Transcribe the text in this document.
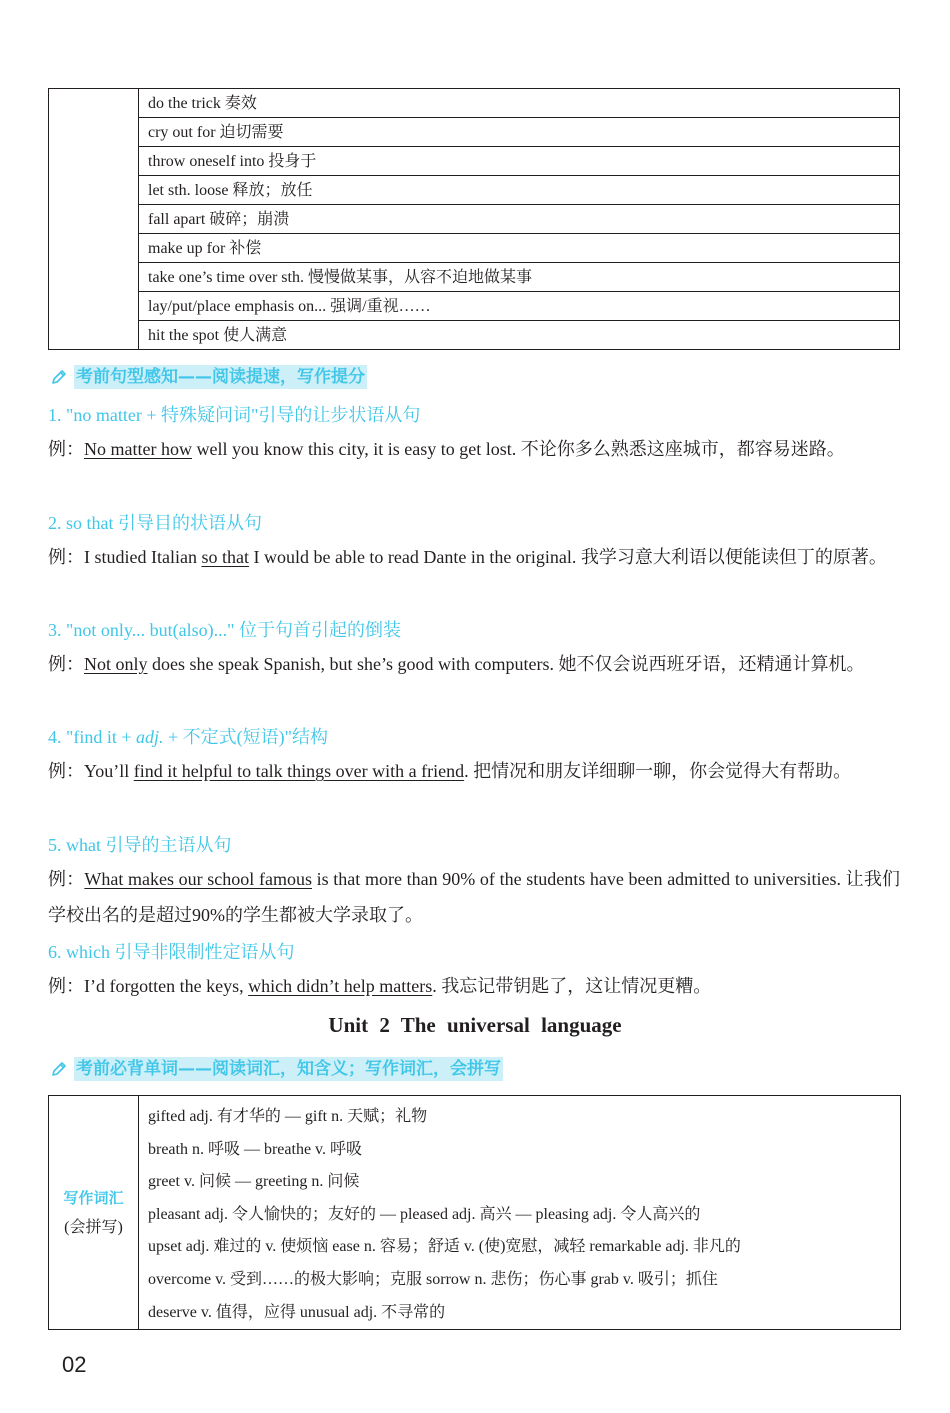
do the trick 奏效
cry out for 迫切需要
throw oneself into 投身于
let sth. loose 释放；放任
fall apart 破碎；崩溃
make up for 补偿
take one’s time over sth. 慢慢做某事，从容不迫地做某事
lay/put/place emphasis on... 强调/重视……
hit the spot 使人满意
考前句型感知——阅读提速，写作提分
1. "no matter + 特殊疑问词"引导的让步状语从句
例：No matter how well you know this city, it is easy to get lost. 不论你多么熟悉这座城市，都容易迷路。
2. so that 引导目的状语从句
例：I studied Italian so that I would be able to read Dante in the original. 我学习意大利语以便能读但丁的原著。
3. "not only... but(also)..." 位于句首引起的倒装
例：Not only does she speak Spanish, but she’s good with computers. 她不仅会说西班牙语，还精通计算机。
4. "find it + adj. + 不定式(短语)"结构
例：You’ll find it helpful to talk things over with a friend. 把情况和朋友详细聊一聊，你会觉得大有帮助。
5. what 引导的主语从句
例：What makes our school famous is that more than 90% of the students have been admitted to universities. 让我们学校出名的是超过90%的学生都被大学录取了。
6. which 引导非限制性定语从句
例：I’d forgotten the keys, which didn’t help matters. 我忘记带钥匙了，这让情况更糟。
Unit 2 The universal language
考前必背单词——阅读词汇，知含义；写作词汇，会拼写
写作词汇
(会拼写)
gifted adj. 有才华的 — gift n. 天赋；礼物
breath n. 呼吸 — breathe v. 呼吸
greet v. 问候 — greeting n. 问候
pleasant adj. 令人愉快的；友好的 — pleased adj. 高兴 — pleasing adj. 令人高兴的
upset adj. 难过的 v. 使烦恼 ease n. 容易；舒适 v. (使)宽慰，减轻 remarkable adj. 非凡的
overcome v. 受到……的极大影响；克服 sorrow n. 悲伤；伤心事 grab v. 吸引；抓住
deserve v. 值得，应得 unusual adj. 不寻常的
02
